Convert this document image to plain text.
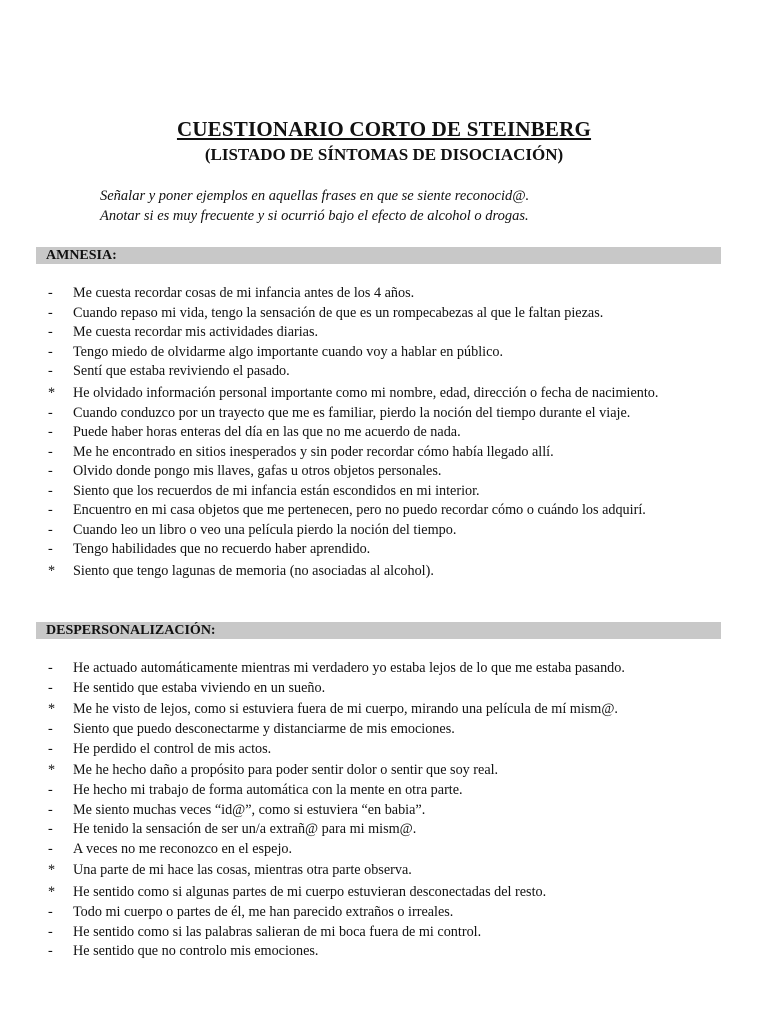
CUESTIONARIO CORTO DE STEINBERG
(LISTADO DE SÍNTOMAS DE DISOCIACIÓN)
Señalar y poner ejemplos en aquellas frases en que se siente reconocid@.
Anotar si es muy frecuente y si ocurrió bajo el efecto de alcohol o drogas.
AMNESIA:
-	Me cuesta recordar cosas de mi infancia antes de los 4 años.
-	Cuando repaso mi vida, tengo la sensación de que es un rompecabezas al que le faltan piezas.
-	Me cuesta recordar mis actividades diarias.
-	Tengo miedo de olvidarme algo importante cuando voy a hablar en público.
-	Sentí que estaba reviviendo el pasado.
*	He olvidado información personal importante como mi nombre, edad, dirección o fecha de nacimiento.
-	Cuando conduzco por un trayecto que me es familiar, pierdo la noción del tiempo durante el viaje.
-	Puede haber horas enteras del día en las que no me acuerdo de nada.
-	Me he encontrado en sitios inesperados y sin poder recordar cómo había llegado allí.
-	Olvido donde pongo mis llaves, gafas u otros objetos personales.
-	Siento que los recuerdos de mi infancia están escondidos en mi interior.
-	Encuentro en mi casa objetos que me pertenecen, pero no puedo recordar cómo o cuándo los adquirí.
-	Cuando leo un libro o veo una película pierdo la noción del tiempo.
-	Tengo habilidades que no recuerdo haber aprendido.
*	Siento que tengo lagunas de memoria (no asociadas al alcohol).
DESPERSONALIZACIÓN:
-	He actuado automáticamente mientras mi verdadero yo estaba lejos de lo que me estaba pasando.
-	He sentido que estaba viviendo en un sueño.
*	Me he visto de lejos, como si estuviera fuera de mi cuerpo, mirando una película de mí mism@.
-	Siento que puedo desconectarme y distanciarme de mis emociones.
-	He perdido el control de mis actos.
*	Me he hecho daño a propósito para poder sentir dolor o sentir que soy real.
-	He hecho mi trabajo de forma automática con la mente en otra parte.
-	Me siento muchas veces “id@”, como si estuviera “en babia”.
-	He tenido la sensación de ser un/a extrañ@ para mi mism@.
-	A veces no me reconozco en el espejo.
*	Una parte de mi hace las cosas, mientras otra parte observa.
*	He sentido como si algunas partes de mi cuerpo estuvieran desconectadas del resto.
-	Todo mi cuerpo o partes de él, me han parecido extraños o irreales.
-	He sentido como si las palabras salieran de mi boca fuera de mi control.
-	He sentido que no controlo mis emociones.
